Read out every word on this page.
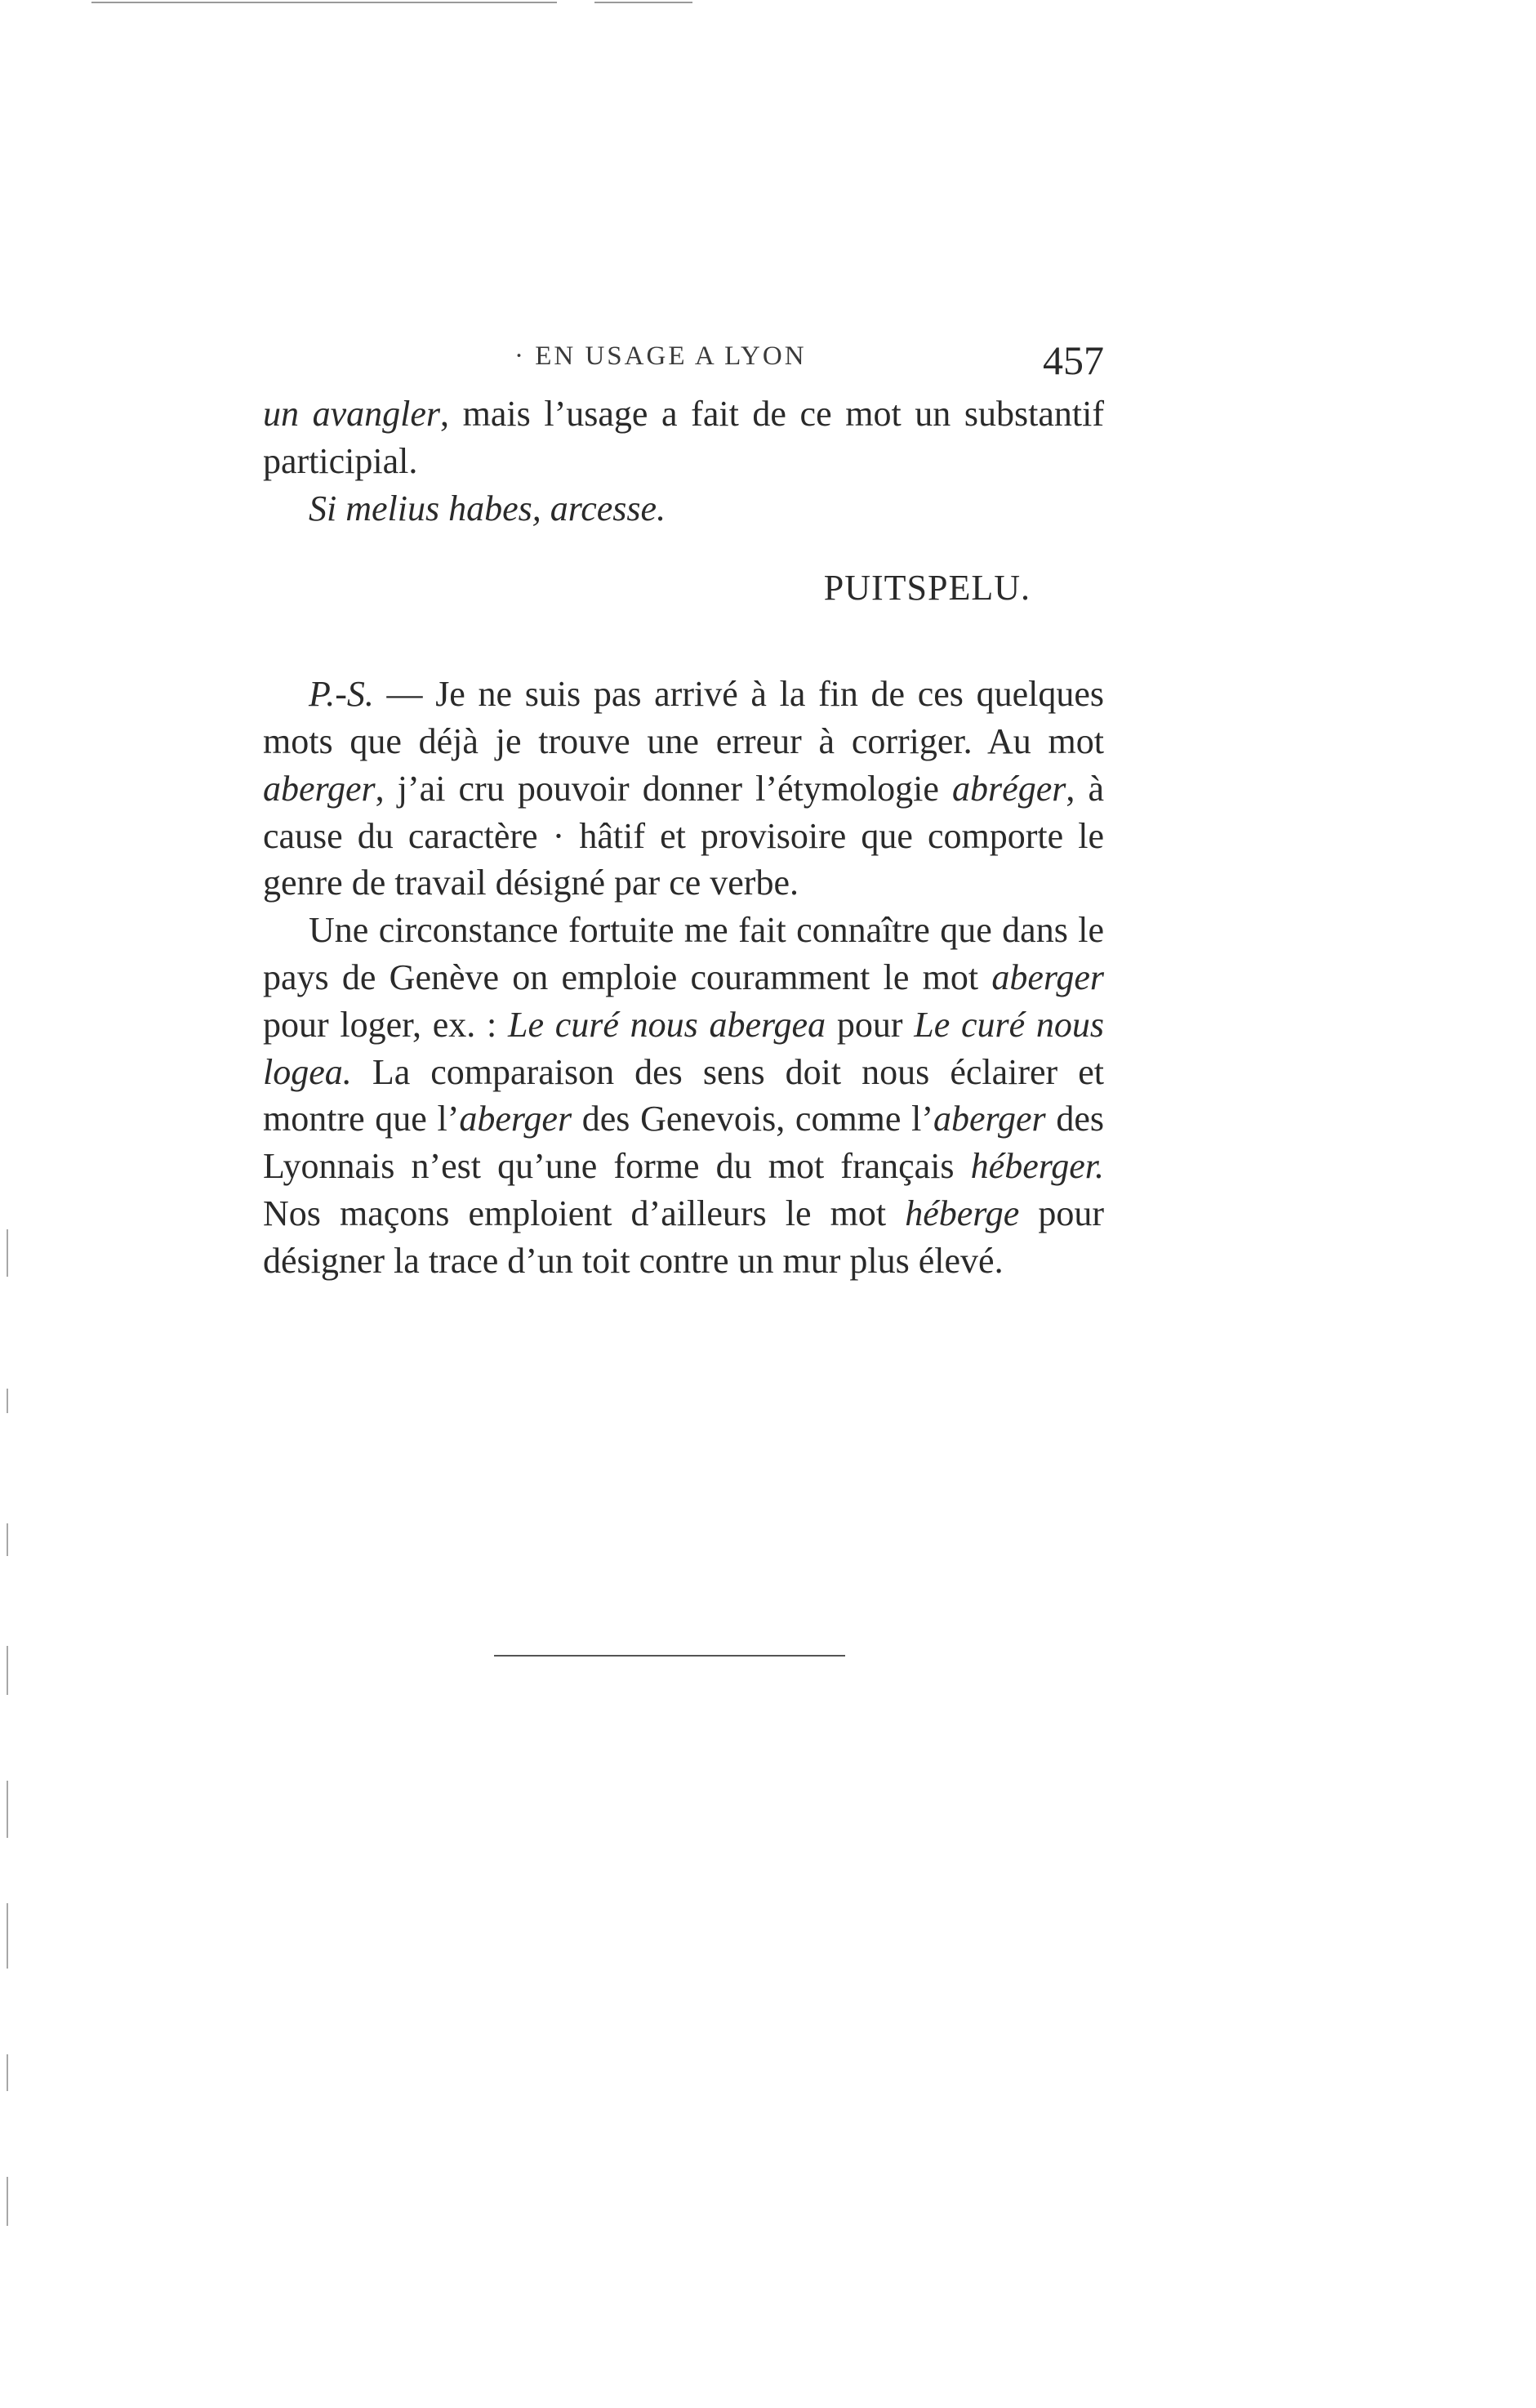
· EN USAGE A LYON	457

un avangler, mais l’usage a fait de ce mot un substantif participial.

Si melius habes, arcesse.

PUITSPELU.

P.-S. — Je ne suis pas arrivé à la fin de ces quelques mots que déjà je trouve une erreur à corriger. Au mot aberger, j’ai cru pouvoir donner l’étymologie abréger, à cause du caractère · hâtif et provisoire que comporte le genre de travail désigné par ce verbe.

Une circonstance fortuite me fait connaître que dans le pays de Genève on emploie couramment le mot aberger pour loger, ex. : Le curé nous abergea pour Le curé nous logea. La comparaison des sens doit nous éclairer et montre que l’aberger des Genevois, comme l’aberger des Lyonnais n’est qu’une forme du mot français héberger. Nos maçons emploient d’ailleurs le mot héberge pour désigner la trace d’un toit contre un mur plus élevé.
